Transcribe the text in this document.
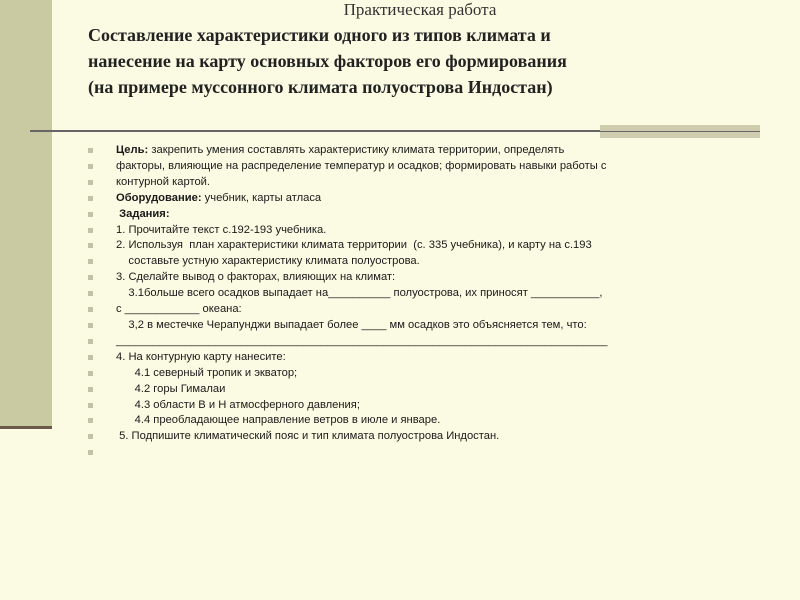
Практическая работа
Составление характеристики одного из типов климата и
нанесение на карту основных факторов его формирования
(на примере муссонного климата полуострова Индостан)
Цель: закрепить умения составлять характеристику климата территории, определять
факторы, влияющие на распределение температур и осадков; формировать навыки работы с
контурной картой.
Оборудование: учебник, карты атласа
Задания:
1. Прочитайте текст с.192-193 учебника.
2. Используя  план характеристики климата территории  (с. 335 учебника), и карту на с.193
составьте устную характеристику климата полуострова.
3. Сделайте вывод о факторах, влияющих на климат:
3.1больше всего осадков выпадает на__________ полуострова, их приносят ___________,
с ____________ океана:
3,2 в местечке Черапунджи выпадает более ____ мм осадков это объясняется тем, что:
_______________________________________________________________________________
4. На контурную карту нанесите:
4.1 северный тропик и экватор;
4.2 горы Гималаи
4.3 области В и Н атмосферного давления;
4.4 преобладающее направление ветров в июле и январе.
5. Подпишите климатический пояс и тип климата полуострова Индостан.
